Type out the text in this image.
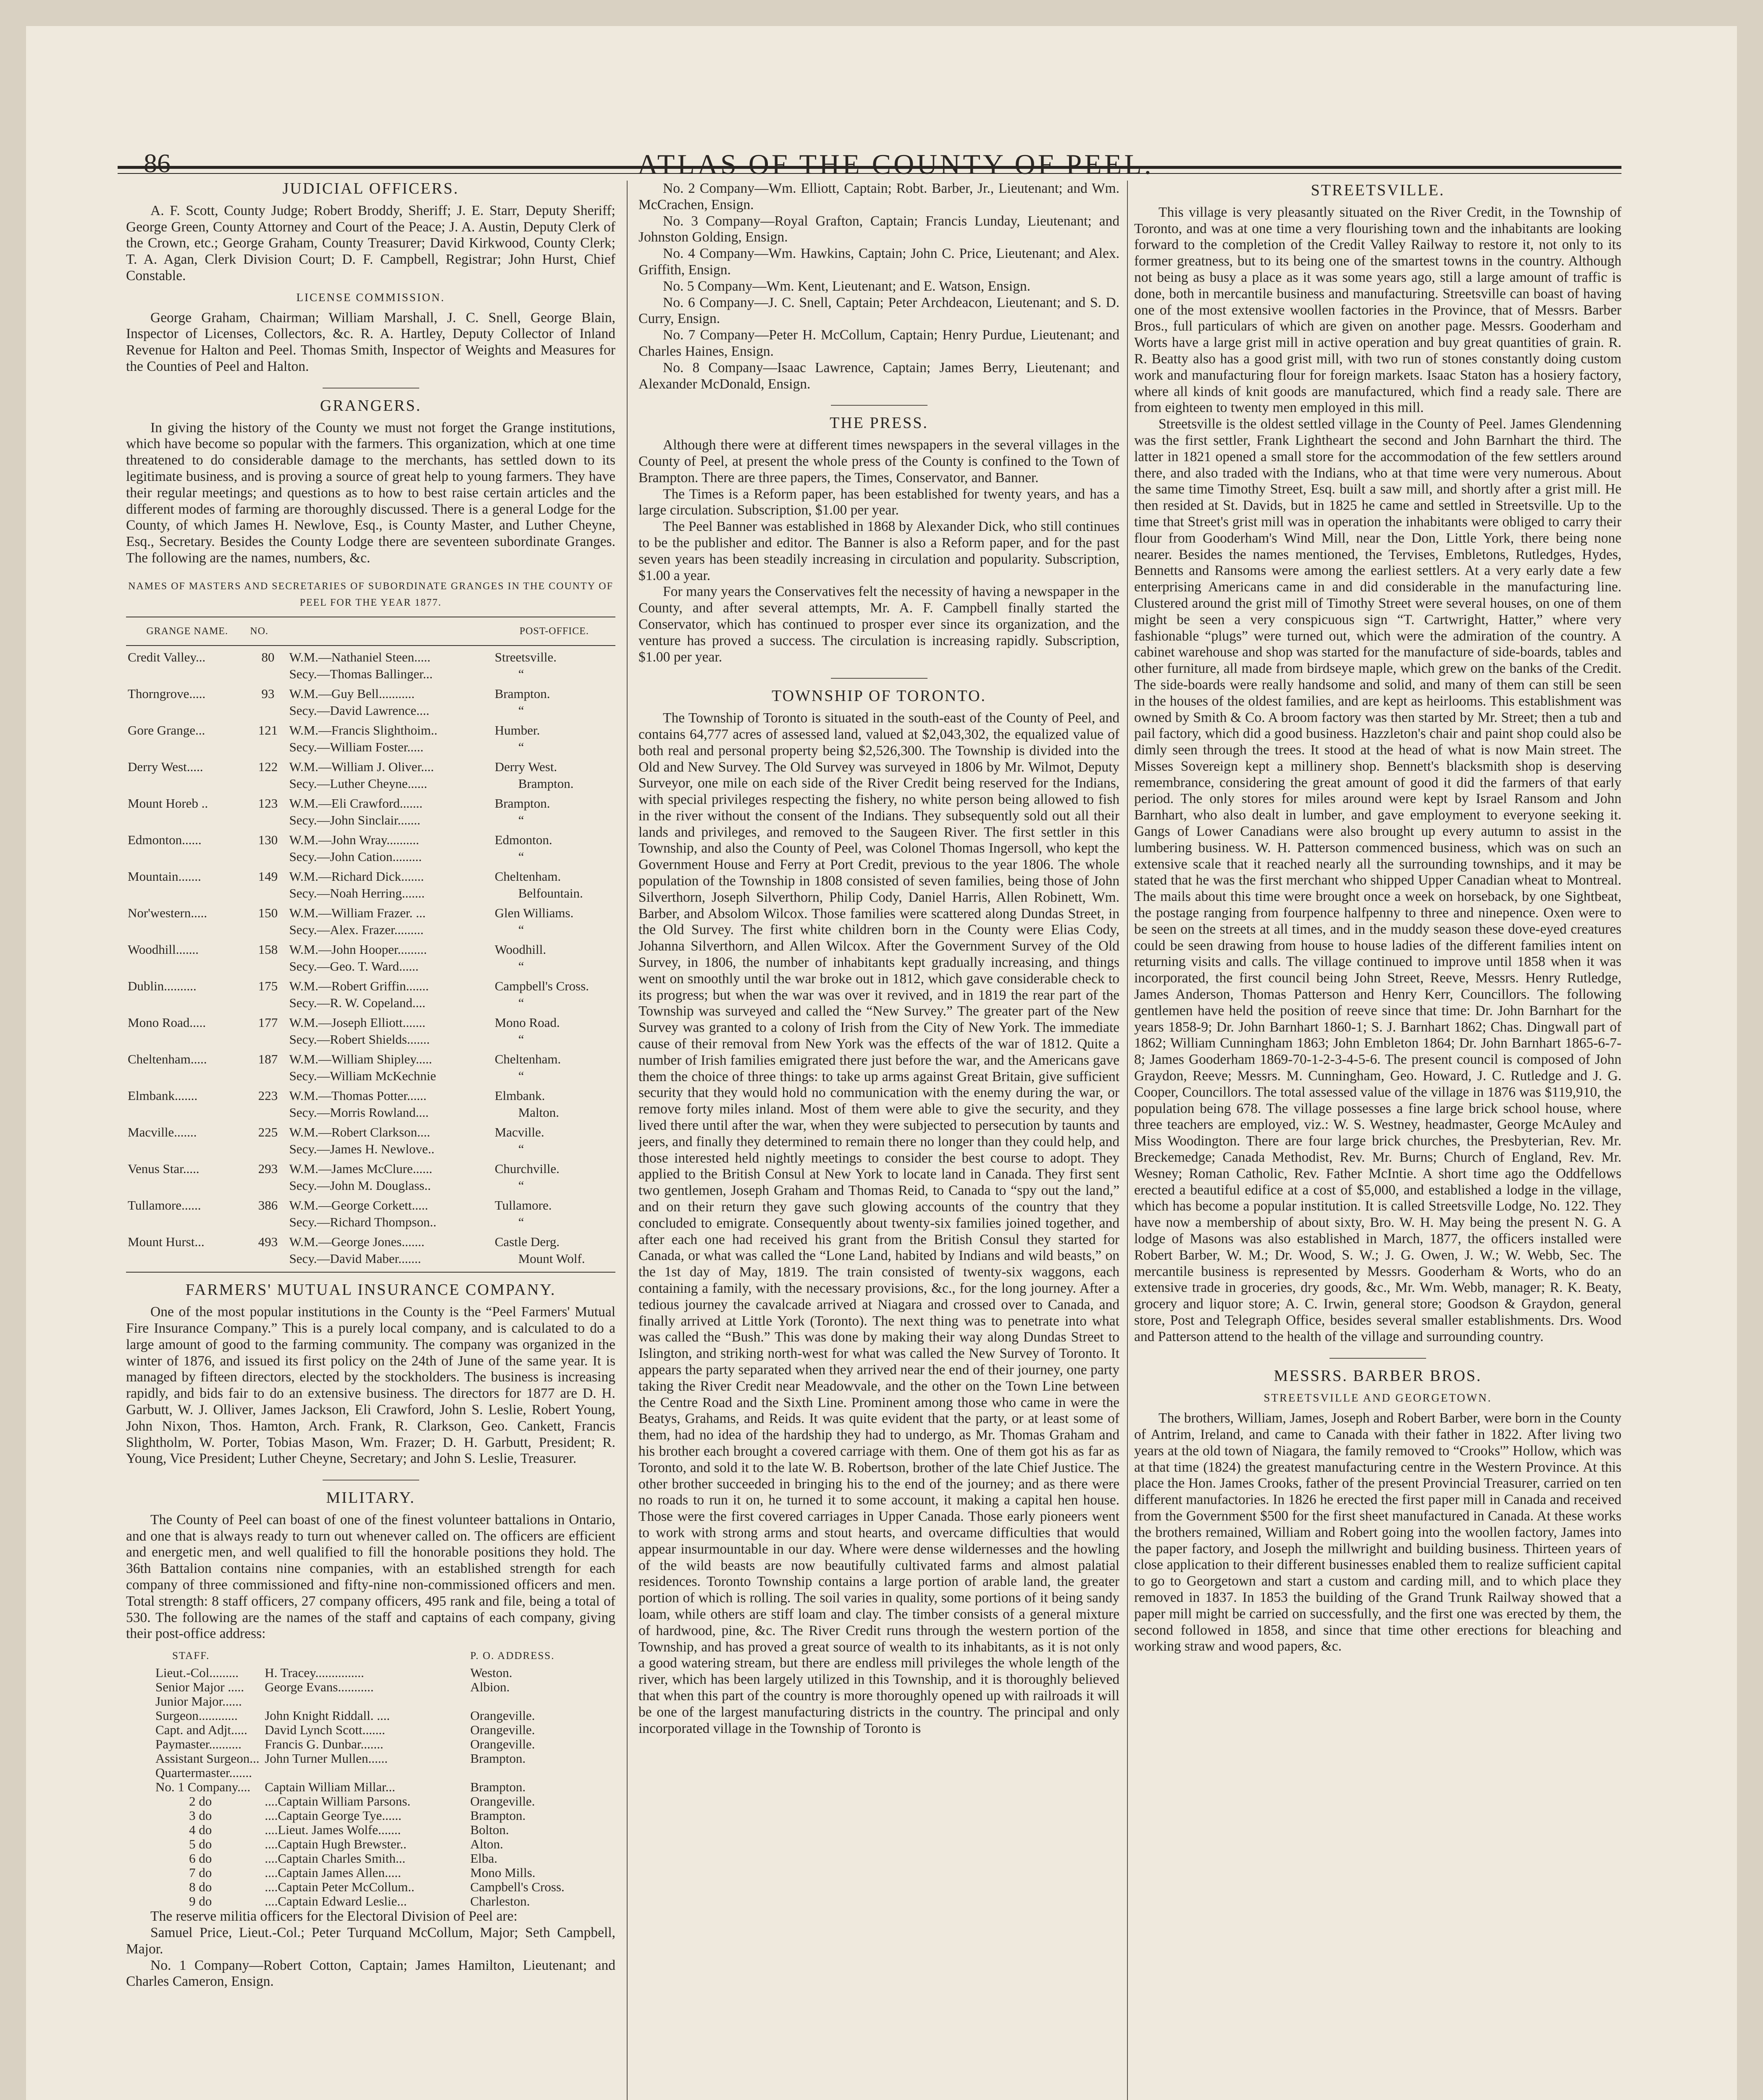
86	ATLAS OF THE COUNTY OF PEEL.
JUDICIAL OFFICERS.

A. F. Scott, County Judge; Robert Broddy, Sheriff; J. E. Starr, Deputy Sheriff; George Green, County Attorney and Court of the Peace; J. A. Austin, Deputy Clerk of the Crown, etc.; George Graham, County Treasurer; David Kirkwood, County Clerk; T. A. Agan, Clerk Division Court; D. F. Campbell, Registrar; John Hurst, Chief Constable.

LICENSE COMMISSION.

George Graham, Chairman; William Marshall, J. C. Snell, George Blain, Inspector of Licenses, Collectors, &c. R. A. Hartley, Deputy Collector of Inland Revenue for Halton and Peel. Thomas Smith, Inspector of Weights and Measures for the Counties of Peel and Halton.

GRANGERS.

In giving the history of the County we must not forget the Grange institutions, which have become so popular with the farmers. This organization, which at one time threatened to do considerable damage to the merchants, has settled down to its legitimate business, and is proving a source of great help to young farmers. They have their regular meetings; and questions as to how to best raise certain articles and the different modes of farming are thoroughly discussed. There is a general Lodge for the County, of which James H. Newlove, Esq., is County Master, and Luther Cheyne, Esq., Secretary. Besides the County Lodge there are seventeen subordinate Granges. The following are the names, numbers, &c.

NAMES OF MASTERS AND SECRETARIES OF SUBORDINATE GRANGES IN THE COUNTY OF PEEL FOR THE YEAR 1877.
GRANGE NAME.	NO.		POST-OFFICE.
Credit Valley...	80	W.M.—Nathaniel Steen.....	Streetsville.
		Secy.—Thomas Ballinger...	“
Thorngrove.....	93	W.M.—Guy Bell...........	Brampton.
		Secy.—David Lawrence....	“
Gore Grange...	121	W.M.—Francis Slighthoim..	Humber.
		Secy.—William Foster.....	“
Derry West.....	122	W.M.—William J. Oliver....	Derry West.
		Secy.—Luther Cheyne......	Brampton.
Mount Horeb ..	123	W.M.—Eli Crawford.......	Brampton.
		Secy.—John Sinclair.......	“
Edmonton......	130	W.M.—John Wray..........	Edmonton.
		Secy.—John Cation.........	“
Mountain.......	149	W.M.—Richard Dick.......	Cheltenham.
		Secy.—Noah Herring.......	Belfountain.
Nor'western.....	150	W.M.—William Frazer. ...	Glen Williams.
		Secy.—Alex. Frazer.........	“
Woodhill.......	158	W.M.—John Hooper.........	Woodhill.
		Secy.—Geo. T. Ward......	“
Dublin..........	175	W.M.—Robert Griffin.......	Campbell's Cross.
		Secy.—R. W. Copeland....	“
Mono Road.....	177	W.M.—Joseph Elliott.......	Mono Road.
		Secy.—Robert Shields.......	“
Cheltenham.....	187	W.M.—William Shipley.....	Cheltenham.
		Secy.—William McKechnie	“
Elmbank.......	223	W.M.—Thomas Potter......	Elmbank.
		Secy.—Morris Rowland....	Malton.
Macville.......	225	W.M.—Robert Clarkson....	Macville.
		Secy.—James H. Newlove..	“
Venus Star.....	293	W.M.—James McClure......	Churchville.
		Secy.—John M. Douglass..	“
Tullamore......	386	W.M.—George Corkett.....	Tullamore.
		Secy.—Richard Thompson..	“
Mount Hurst...	493	W.M.—George Jones.......	Castle Derg.
		Secy.—David Maber.......	Mount Wolf.
FARMERS' MUTUAL INSURANCE COMPANY.

One of the most popular institutions in the County is the “Peel Farmers' Mutual Fire Insurance Company.” This is a purely local company, and is calculated to do a large amount of good to the farming community. The company was organized in the winter of 1876, and issued its first policy on the 24th of June of the same year. It is managed by fifteen directors, elected by the stockholders. The business is increasing rapidly, and bids fair to do an extensive business. The directors for 1877 are D. H. Garbutt, W. J. Olliver, James Jackson, Eli Crawford, John S. Leslie, Robert Young, John Nixon, Thos. Hamton, Arch. Frank, R. Clarkson, Geo. Cankett, Francis Slightholm, W. Porter, Tobias Mason, Wm. Frazer; D. H. Garbutt, President; R. Young, Vice President; Luther Cheyne, Secretary; and John S. Leslie, Treasurer.

MILITARY.

The County of Peel can boast of one of the finest volunteer battalions in Ontario, and one that is always ready to turn out whenever called on. The officers are efficient and energetic men, and well qualified to fill the honorable positions they hold. The 36th Battalion contains nine companies, with an established strength for each company of three commissioned and fifty-nine non-commissioned officers and men. Total strength: 8 staff officers, 27 company officers, 495 rank and file, being a total of 530. The following are the names of the staff and captains of each company, giving their post-office address:

STAFF.		P. O. ADDRESS.
Lieut.-Col.........	H. Tracey...............	Weston.
Senior Major .....	George Evans...........	Albion.
Junior Major......		
Surgeon............	John Knight Riddall. ....	Orangeville.
Capt. and Adjt.....	David Lynch Scott.......	Orangeville.
Paymaster..........	Francis G. Dunbar.......	Orangeville.
Assistant Surgeon...	John Turner Mullen......	Brampton.
Quartermaster.......		
No. 1 Company....	Captain William Millar...	Brampton.
2 do	....Captain William Parsons.	Orangeville.
3 do	....Captain George Tye......	Brampton.
4 do	....Lieut. James Wolfe.......	Bolton.
5 do	....Captain Hugh Brewster..	Alton.
6 do	....Captain Charles Smith...	Elba.
7 do	....Captain James Allen.....	Mono Mills.
8 do	....Captain Peter McCollum..	Campbell's Cross.
9 do	....Captain Edward Leslie...	Charleston.

The reserve militia officers for the Electoral Division of Peel are:

Samuel Price, Lieut.-Col.; Peter Turquand McCollum, Major; Seth Campbell, Major.

No. 1 Company—Robert Cotton, Captain; James Hamilton, Lieutenant; and Charles Cameron, Ensign.

No. 2 Company—Wm. Elliott, Captain; Robt. Barber, Jr., Lieutenant; and Wm. McCrachen, Ensign.

No. 3 Company—Royal Grafton, Captain; Francis Lunday, Lieutenant; and Johnston Golding, Ensign.

No. 4 Company—Wm. Hawkins, Captain; John C. Price, Lieutenant; and Alex. Griffith, Ensign.

No. 5 Company—Wm. Kent, Lieutenant; and E. Watson, Ensign.

No. 6 Company—J. C. Snell, Captain; Peter Archdeacon, Lieutenant; and S. D. Curry, Ensign.

No. 7 Company—Peter H. McCollum, Captain; Henry Purdue, Lieutenant; and Charles Haines, Ensign.

No. 8 Company—Isaac Lawrence, Captain; James Berry, Lieutenant; and Alexander McDonald, Ensign.

THE PRESS.

Although there were at different times newspapers in the several villages in the County of Peel, at present the whole press of the County is confined to the Town of Brampton. There are three papers, the Times, Conservator, and Banner.

The Times is a Reform paper, has been established for twenty years, and has a large circulation. Subscription, $1.00 per year.

The Peel Banner was established in 1868 by Alexander Dick, who still continues to be the publisher and editor. The Banner is also a Reform paper, and for the past seven years has been steadily increasing in circulation and popularity. Subscription, $1.00 a year.

For many years the Conservatives felt the necessity of having a newspaper in the County, and after several attempts, Mr. A. F. Campbell finally started the Conservator, which has continued to prosper ever since its organization, and the venture has proved a success. The circulation is increasing rapidly. Subscription, $1.00 per year.

TOWNSHIP OF TORONTO.

The Township of Toronto is situated in the south-east of the County of Peel, and contains 64,777 acres of assessed land, valued at $2,043,302, the equalized value of both real and personal property being $2,526,300. The Township is divided into the Old and New Survey. The Old Survey was surveyed in 1806 by Mr. Wilmot, Deputy Surveyor, one mile on each side of the River Credit being reserved for the Indians, with special privileges respecting the fishery, no white person being allowed to fish in the river without the consent of the Indians. They subsequently sold out all their lands and privileges, and removed to the Saugeen River. The first settler in this Township, and also the County of Peel, was Colonel Thomas Ingersoll, who kept the Government House and Ferry at Port Credit, previous to the year 1806. The whole population of the Township in 1808 consisted of seven families, being those of John Silverthorn, Joseph Silverthorn, Philip Cody, Daniel Harris, Allen Robinett, Wm. Barber, and Absolom Wilcox. Those families were scattered along Dundas Street, in the Old Survey. The first white children born in the County were Elias Cody, Johanna Silverthorn, and Allen Wilcox. After the Government Survey of the Old Survey, in 1806, the number of inhabitants kept gradually increasing, and things went on smoothly until the war broke out in 1812, which gave considerable check to its progress; but when the war was over it revived, and in 1819 the rear part of the Township was surveyed and called the “New Survey.” The greater part of the New Survey was granted to a colony of Irish from the City of New York. The immediate cause of their removal from New York was the effects of the war of 1812. Quite a number of Irish families emigrated there just before the war, and the Americans gave them the choice of three things: to take up arms against Great Britain, give sufficient security that they would hold no communication with the enemy during the war, or remove forty miles inland. Most of them were able to give the security, and they lived there until after the war, when they were subjected to persecution by taunts and jeers, and finally they determined to remain there no longer than they could help, and those interested held nightly meetings to consider the best course to adopt. They applied to the British Consul at New York to locate land in Canada. They first sent two gentlemen, Joseph Graham and Thomas Reid, to Canada to “spy out the land,” and on their return they gave such glowing accounts of the country that they concluded to emigrate. Consequently about twenty-six families joined together, and after each one had received his grant from the British Consul they started for Canada, or what was called the “Lone Land, habited by Indians and wild beasts,” on the 1st day of May, 1819. The train consisted of twenty-six waggons, each containing a family, with the necessary provisions, &c., for the long journey. After a tedious journey the cavalcade arrived at Niagara and crossed over to Canada, and finally arrived at Little York (Toronto). The next thing was to penetrate into what was called the “Bush.” This was done by making their way along Dundas Street to Islington, and striking north-west for what was called the New Survey of Toronto. It appears the party separated when they arrived near the end of their journey, one party taking the River Credit near Meadowvale, and the other on the Town Line between the Centre Road and the Sixth Line. Prominent among those who came in were the Beatys, Grahams, and Reids. It was quite evident that the party, or at least some of them, had no idea of the hardship they had to undergo, as Mr. Thomas Graham and his brother each brought a covered carriage with them. One of them got his as far as Toronto, and sold it to the late W. B. Robertson, brother of the late Chief Justice. The other brother succeeded in bringing his to the end of the journey; and as there were no roads to run it on, he turned it to some account, it making a capital hen house. Those were the first covered carriages in Upper Canada. Those early pioneers went to work with strong arms and stout hearts, and overcame difficulties that would appear insurmountable in our day. Where were dense wildernesses and the howling of the wild beasts are now beautifully cultivated farms and almost palatial residences. Toronto Township contains a large portion of arable land, the greater portion of which is rolling. The soil varies in quality, some portions of it being sandy loam, while others are stiff loam and clay. The timber consists of a general mixture of hardwood, pine, &c. The River Credit runs through the western portion of the Township, and has proved a great source of wealth to its inhabitants, as it is not only a good watering stream, but there are endless mill privileges the whole length of the river, which has been largely utilized in this Township, and it is thoroughly believed that when this part of the country is more thoroughly opened up with railroads it will be one of the largest manufacturing districts in the country. The principal and only incorporated village in the Township of Toronto is

STREETSVILLE.

This village is very pleasantly situated on the River Credit, in the Township of Toronto, and was at one time a very flourishing town and the inhabitants are looking forward to the completion of the Credit Valley Railway to restore it, not only to its former greatness, but to its being one of the smartest towns in the country. Although not being as busy a place as it was some years ago, still a large amount of traffic is done, both in mercantile business and manufacturing. Streetsville can boast of having one of the most extensive woollen factories in the Province, that of Messrs. Barber Bros., full particulars of which are given on another page. Messrs. Gooderham and Worts have a large grist mill in active operation and buy great quantities of grain. R. R. Beatty also has a good grist mill, with two run of stones constantly doing custom work and manufacturing flour for foreign markets. Isaac Staton has a hosiery factory, where all kinds of knit goods are manufactured, which find a ready sale. There are from eighteen to twenty men employed in this mill.

Streetsville is the oldest settled village in the County of Peel. James Glendenning was the first settler, Frank Lightheart the second and John Barnhart the third. The latter in 1821 opened a small store for the accommodation of the few settlers around there, and also traded with the Indians, who at that time were very numerous. About the same time Timothy Street, Esq. built a saw mill, and shortly after a grist mill. He then resided at St. Davids, but in 1825 he came and settled in Streetsville. Up to the time that Street's grist mill was in operation the inhabitants were obliged to carry their flour from Gooderham's Wind Mill, near the Don, Little York, there being none nearer. Besides the names mentioned, the Tervises, Embletons, Rutledges, Hydes, Bennetts and Ransoms were among the earliest settlers. At a very early date a few enterprising Americans came in and did considerable in the manufacturing line. Clustered around the grist mill of Timothy Street were several houses, on one of them might be seen a very conspicuous sign “T. Cartwright, Hatter,” where very fashionable “plugs” were turned out, which were the admiration of the country. A cabinet warehouse and shop was started for the manufacture of side-boards, tables and other furniture, all made from birdseye maple, which grew on the banks of the Credit. The side-boards were really handsome and solid, and many of them can still be seen in the houses of the oldest families, and are kept as heirlooms. This establishment was owned by Smith & Co. A broom factory was then started by Mr. Street; then a tub and pail factory, which did a good business. Hazzleton's chair and paint shop could also be dimly seen through the trees. It stood at the head of what is now Main street. The Misses Sovereign kept a millinery shop. Bennett's blacksmith shop is deserving remembrance, considering the great amount of good it did the farmers of that early period. The only stores for miles around were kept by Israel Ransom and John Barnhart, who also dealt in lumber, and gave employment to everyone seeking it. Gangs of Lower Canadians were also brought up every autumn to assist in the lumbering business. W. H. Patterson commenced business, which was on such an extensive scale that it reached nearly all the surrounding townships, and it may be stated that he was the first merchant who shipped Upper Canadian wheat to Montreal. The mails about this time were brought once a week on horseback, by one Sightbeat, the postage ranging from fourpence halfpenny to three and ninepence. Oxen were to be seen on the streets at all times, and in the muddy season these dove-eyed creatures could be seen drawing from house to house ladies of the different families intent on returning visits and calls. The village continued to improve until 1858 when it was incorporated, the first council being John Street, Reeve, Messrs. Henry Rutledge, James Anderson, Thomas Patterson and Henry Kerr, Councillors. The following gentlemen have held the position of reeve since that time: Dr. John Barnhart for the years 1858-9; Dr. John Barnhart 1860-1; S. J. Barnhart 1862; Chas. Dingwall part of 1862; William Cunningham 1863; John Embleton 1864; Dr. John Barnhart 1865-6-7-8; James Gooderham 1869-70-1-2-3-4-5-6. The present council is composed of John Graydon, Reeve; Messrs. M. Cunningham, Geo. Howard, J. C. Rutledge and J. G. Cooper, Councillors. The total assessed value of the village in 1876 was $119,910, the population being 678. The village possesses a fine large brick school house, where three teachers are employed, viz.: W. S. Westney, headmaster, George McAuley and Miss Woodington. There are four large brick churches, the Presbyterian, Rev. Mr. Breckemedge; Canada Methodist, Rev. Mr. Burns; Church of England, Rev. Mr. Wesney; Roman Catholic, Rev. Father McIntie. A short time ago the Oddfellows erected a beautiful edifice at a cost of $5,000, and established a lodge in the village, which has become a popular institution. It is called Streetsville Lodge, No. 122. They have now a membership of about sixty, Bro. W. H. May being the present N. G. A lodge of Masons was also established in March, 1877, the officers installed were Robert Barber, W. M.; Dr. Wood, S. W.; J. G. Owen, J. W.; W. Webb, Sec. The mercantile business is represented by Messrs. Gooderham & Worts, who do an extensive trade in groceries, dry goods, &c., Mr. Wm. Webb, manager; R. K. Beaty, grocery and liquor store; A. C. Irwin, general store; Goodson & Graydon, general store, Post and Telegraph Office, besides several smaller establishments. Drs. Wood and Patterson attend to the health of the village and surrounding country.

MESSRS. BARBER BROS.
STREETSVILLE AND GEORGETOWN.

The brothers, William, James, Joseph and Robert Barber, were born in the County of Antrim, Ireland, and came to Canada with their father in 1822. After living two years at the old town of Niagara, the family removed to “Crooks'” Hollow, which was at that time (1824) the greatest manufacturing centre in the Western Province. At this place the Hon. James Crooks, father of the present Provincial Treasurer, carried on ten different manufactories. In 1826 he erected the first paper mill in Canada and received from the Government $500 for the first sheet manufactured in Canada. At these works the brothers remained, William and Robert going into the woollen factory, James into the paper factory, and Joseph the millwright and building business. Thirteen years of close application to their different businesses enabled them to realize sufficient capital to go to Georgetown and start a custom and carding mill, and to which place they removed in 1837. In 1853 the building of the Grand Trunk Railway showed that a paper mill might be carried on successfully, and the first one was erected by them, the second followed in 1858, and since that time other erections for bleaching and working straw and wood papers, &c.
